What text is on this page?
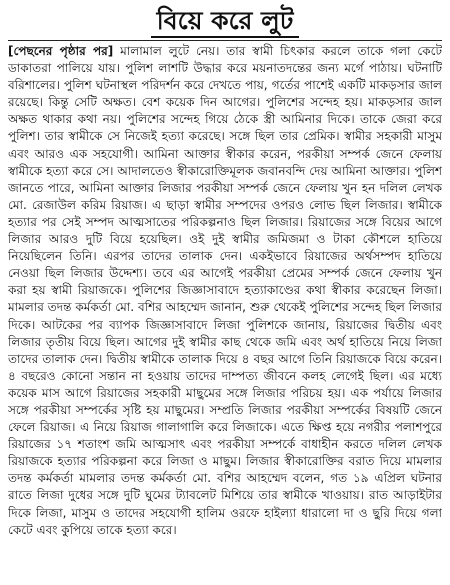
বিয়ে করে লুট

[পেছনের পৃষ্ঠার পর] মালামাল লুটে নেয়। তার স্বামী চিৎকার করলে তাকে গলা কেটে ডাকাতরা পালিয়ে যায়। পুলিশ লাশটি উদ্ধার করে ময়নাতদন্তের জন্য মর্গে পাঠায়। ঘটনাটি বরিশালের। পুলিশ ঘটনাস্থল পরিদর্শন করে দেখতে পায়, গর্তের পাশেই একটি মাকড়সার জাল রয়েছে। কিন্তু সেটি অক্ষত। বেশ কয়েক দিন আগের। পুলিশের সন্দেহ হয়। মাকড়সার জাল অক্ষত থাকার কথা নয়। পুলিশের সন্দেহ গিয়ে ঠেকে স্ত্রী আমিনার দিকে। তাকে জেরা করে পুলিশ। তার স্বামীকে সে নিজেই হত্যা করেছে। সঙ্গে ছিল তার প্রেমিক। স্বামীর সহকারী মাসুম এবং আরও এক সহযোগী। আমিনা আক্তার স্বীকার করেন, পরকীয়া সম্পর্ক জেনে ফেলায় স্বামীকে হত্যা করে সে। আদালতেও স্বীকারোক্তিমূলক জবানবন্দি দেয় আমিনা আক্তার। পুলিশ জানতে পারে, আমিনা আক্তার লিজার পরকীয়া সম্পর্ক জেনে ফেলায় খুন হন দলিল লেখক মো. রেজাউল করিম রিয়াজ। এ ছাড়া স্বামীর সম্পদের ওপরও লোভ ছিল লিজার। স্বামীকে হত্যার পর সেই সম্পদ আত্মসাতের পরিকল্পনাও ছিল লিজার। রিয়াজের সঙ্গে বিয়ের আগে লিজার আরও দুটি বিয়ে হয়েছিল। ওই দুই স্বামীর জমিজমা ও টাকা কৌশলে হাতিয়ে নিয়েছিলেন তিনি। এরপর তাদের তালাক দেন। একইভাবে রিয়াজের অর্থসম্পদ হাতিয়ে নেওয়া ছিল লিজার উদ্দেশ্য। তবে এর আগেই পরকীয়া প্রেমের সম্পর্ক জেনে ফেলায় খুন করা হয় স্বামী রিয়াজকে। পুলিশের জিজ্ঞাসাবাদে হত্যাকাণ্ডের কথা স্বীকার করেছেন লিজা। মামলার তদন্ত কর্মকর্তা মো. বশির আহম্মেদ জানান, শুরু থেকেই পুলিশের সন্দেহ ছিল লিজার দিকে। আটকের পর ব্যাপক জিজ্ঞাসাবাদে লিজা পুলিশকে জানায়, রিয়াজের দ্বিতীয় এবং লিজার তৃতীয় বিয়ে ছিল। আগের দুই স্বামীর কাছ থেকে জমি এবং অর্থ হাতিয়ে নিয়ে লিজা তাদের তালাক দেন। দ্বিতীয় স্বামীকে তালাক দিয়ে ৪ বছর আগে তিনি রিয়াজকে বিয়ে করেন। ৪ বছরেও কোনো সন্তান না হওয়ায় তাদের দাম্পত্য জীবনে কলহ লেগেই ছিল। এর মধ্যে কয়েক মাস আগে রিয়াজের সহকারী মাছুমের সঙ্গে লিজার পরিচয় হয়। এক পর্যায়ে লিজার সঙ্গে পরকীয়া সম্পর্কের সৃষ্টি হয় মাছুমের। সম্প্রতি লিজার পরকীয়া সম্পর্কের বিষয়টি জেনে ফেলে রিয়াজ। এ নিয়ে রিয়াজ গালাগালি করে লিজাকে। এতে ক্ষিপ্ত হয়ে নগরীর পলাশপুরে রিয়াজের ১৭ শতাংশ জমি আত্মসাৎ এবং পরকীয়া সম্পর্কে বাধাহীন করতে দলিল লেখক রিয়াজকে হত্যার পরিকল্পনা করে লিজা ও মাছুম। লিজার স্বীকারোক্তির বরাত দিয়ে মামলার তদন্ত কর্মকর্তা মামলার তদন্ত কর্মকর্তা মো. বশির আহম্মেদ বলেন, গত ১৯ এপ্রিল ঘটনার রাতে লিজা দুধের সঙ্গে দুটি ঘুমের ট্যাবলেট মিশিয়ে তার স্বামীকে খাওয়ায়। রাত আড়াইটার দিকে লিজা, মাসুম ও তাদের সহযোগী হালিম ওরফে হাইল্যা ধারালো দা ও ছুরি দিয়ে গলা কেটে এবং কুপিয়ে তাকে হত্যা করে।
